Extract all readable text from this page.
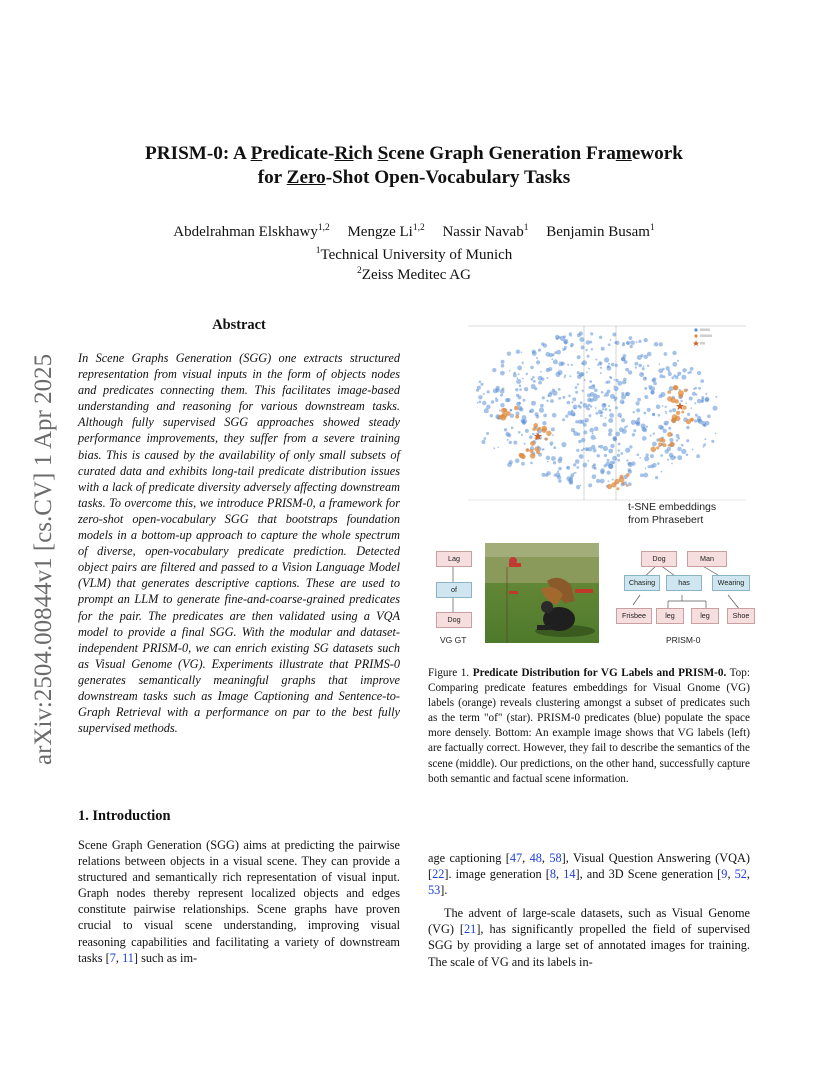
arXiv:2504.00844v1 [cs.CV] 1 Apr 2025
PRISM-0: A Predicate-Rich Scene Graph Generation Framework
for Zero-Shot Open-Vocabulary Tasks
Abdelrahman Elskhawy$^{1,2}$ Mengze Li$^{1,2}$ Nassir Navab$^1$ Benjamin Busam$^1$
$^1$Technical University of Munich
$^2$Zeiss Meditec AG
Abstract
In Scene Graphs Generation (SGG) one extracts structured representation from visual inputs in the form of objects nodes and predicates connecting them. This facilitates image-based understanding and reasoning for various downstream tasks. Although fully supervised SGG approaches showed steady performance improvements, they suffer from a severe training bias. This is caused by the availability of only small subsets of curated data and exhibits long-tail predicate distribution issues with a lack of predicate diversity adversely affecting downstream tasks. To overcome this, we introduce PRISM-0, a framework for zero-shot open-vocabulary SGG that bootstraps foundation models in a bottom-up approach to capture the whole spectrum of diverse, open-vocabulary predicate prediction. Detected object pairs are filtered and passed to a Vision Language Model (VLM) that generates descriptive captions. These are used to prompt an LLM to generate fine-and-coarse-grained predicates for the pair. The predicates are then validated using a VQA model to provide a final SGG. With the modular and dataset-independent PRISM-0, we can enrich existing SG datasets such as Visual Genome (VG). Experiments illustrate that PRIMS-0 generates semantically meaningful graphs that improve downstream tasks such as Image Captioning and Sentence-to-Graph Retrieval with a performance on par to the best fully supervised methods.
t-SNE embeddings
from Phrasebert
Lag
of
Dog
VG GT
Dog	Man
Chasing	has	Wearing
Frisbee	leg	leg	Shoe
PRISM-0
Figure 1. Predicate Distribution for VG Labels and PRISM-0. Top: Comparing predicate features embeddings for Visual Gnome (VG) labels (orange) reveals clustering amongst a subset of predicates such as the term "of" (star). PRISM-0 predicates (blue) populate the space more densely. Bottom: An example image shows that VG labels (left) are factually correct. However, they fail to describe the semantics of the scene (middle). Our predictions, on the other hand, successfully capture both semantic and factual scene information.
1. Introduction
Scene Graph Generation (SGG) aims at predicting the pairwise relations between objects in a visual scene. They can provide a structured and semantically rich representation of visual input. Graph nodes thereby represent localized objects and edges constitute pairwise relationships. Scene graphs have proven crucial to visual scene understanding, improving visual reasoning capabilities and facilitating a variety of downstream tasks [7, 11] such as im-

age captioning [47, 48, 58], Visual Question Answering (VQA) [22]. image generation [8, 14], and 3D Scene generation [9, 52, 53].

The advent of large-scale datasets, such as Visual Genome (VG) [21], has significantly propelled the field of supervised SGG by providing a large set of annotated images for training. The scale of VG and its labels in-
